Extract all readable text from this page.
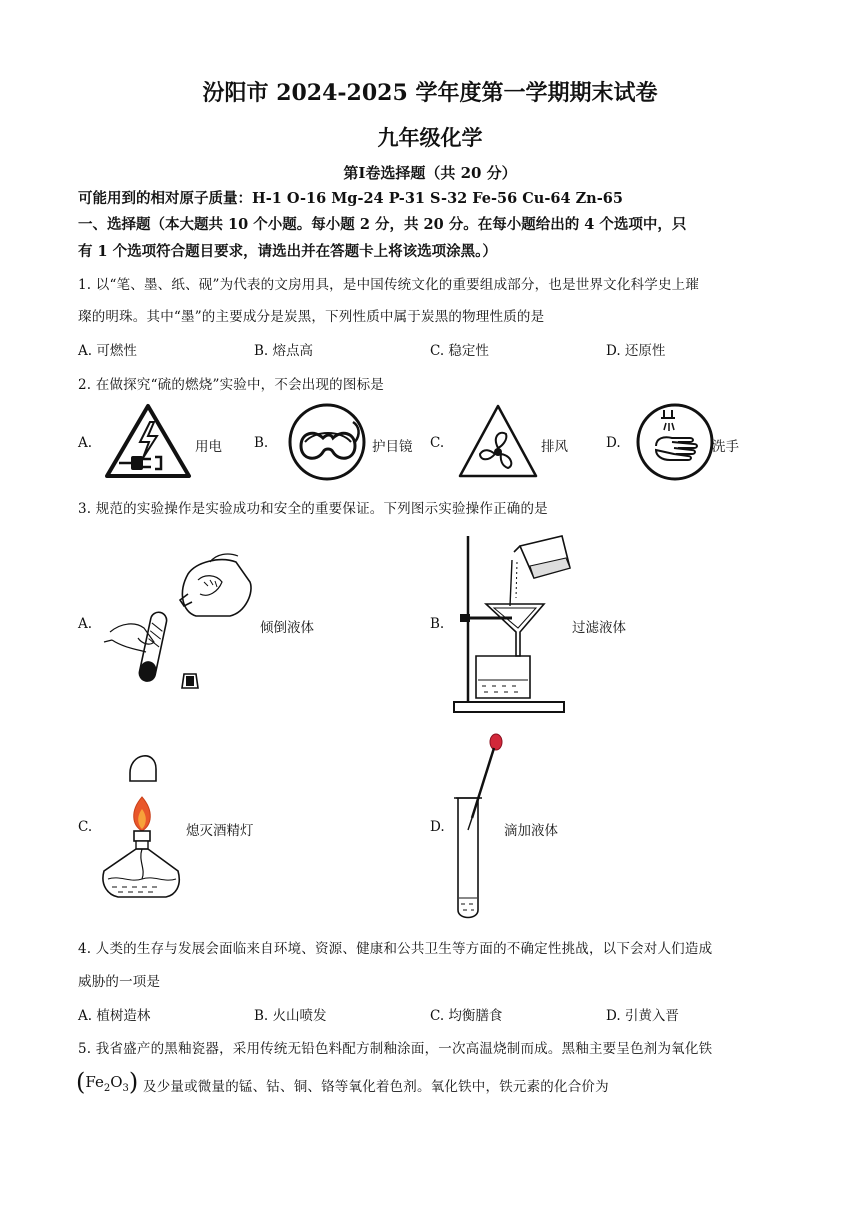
汾阳市 2024-2025 学年度第一学期期末试卷
九年级化学
第Ⅰ卷选择题（共 20 分）
可能用到的相对原子质量：H-1 O-16 Mg-24 P-31 S-32 Fe-56 Cu-64 Zn-65
一、选择题（本大题共 10 个小题。每小题 2 分，共 20 分。在每小题给出的 4 个选项中，只
有 1 个选项符合题目要求，请选出并在答题卡上将该选项涂黑。）
1. 以“笔、墨、纸、砚”为代表的文房用具，是中国传统文化的重要组成部分，也是世界文化科学史上璀
璨的明珠。其中“墨”的主要成分是炭黑，下列性质中属于炭黑的物理性质的是
A. 可燃性	B. 熔点高	C. 稳定性	D. 还原性
2. 在做探究“硫的燃烧”实验中，不会出现的图标是
A.	用电 B.	护目镜 C.	排风	D.	洗手
3. 规范的实验操作是实验成功和安全的重要保证。下列图示实验操作正确的是
A.	倾倒液体	B.	过滤液体
C.	熄灭酒精灯	D.	滴加液体
4. 人类的生存与发展会面临来自环境、资源、健康和公共卫生等方面的不确定性挑战，以下会对人们造成
威胁的一项是
A. 植树造林	B. 火山喷发	C. 均衡膳食	D. 引黄入晋
5. 我省盛产的黑釉瓷器，采用传统无铅色料配方制釉涂面，一次高温烧制而成。黑釉主要呈色剂为氧化铁
$(Fe_2O_3)$ 及少量或微量的锰、钴、铜、铬等氧化着色剂。氧化铁中，铁元素的化合价为
